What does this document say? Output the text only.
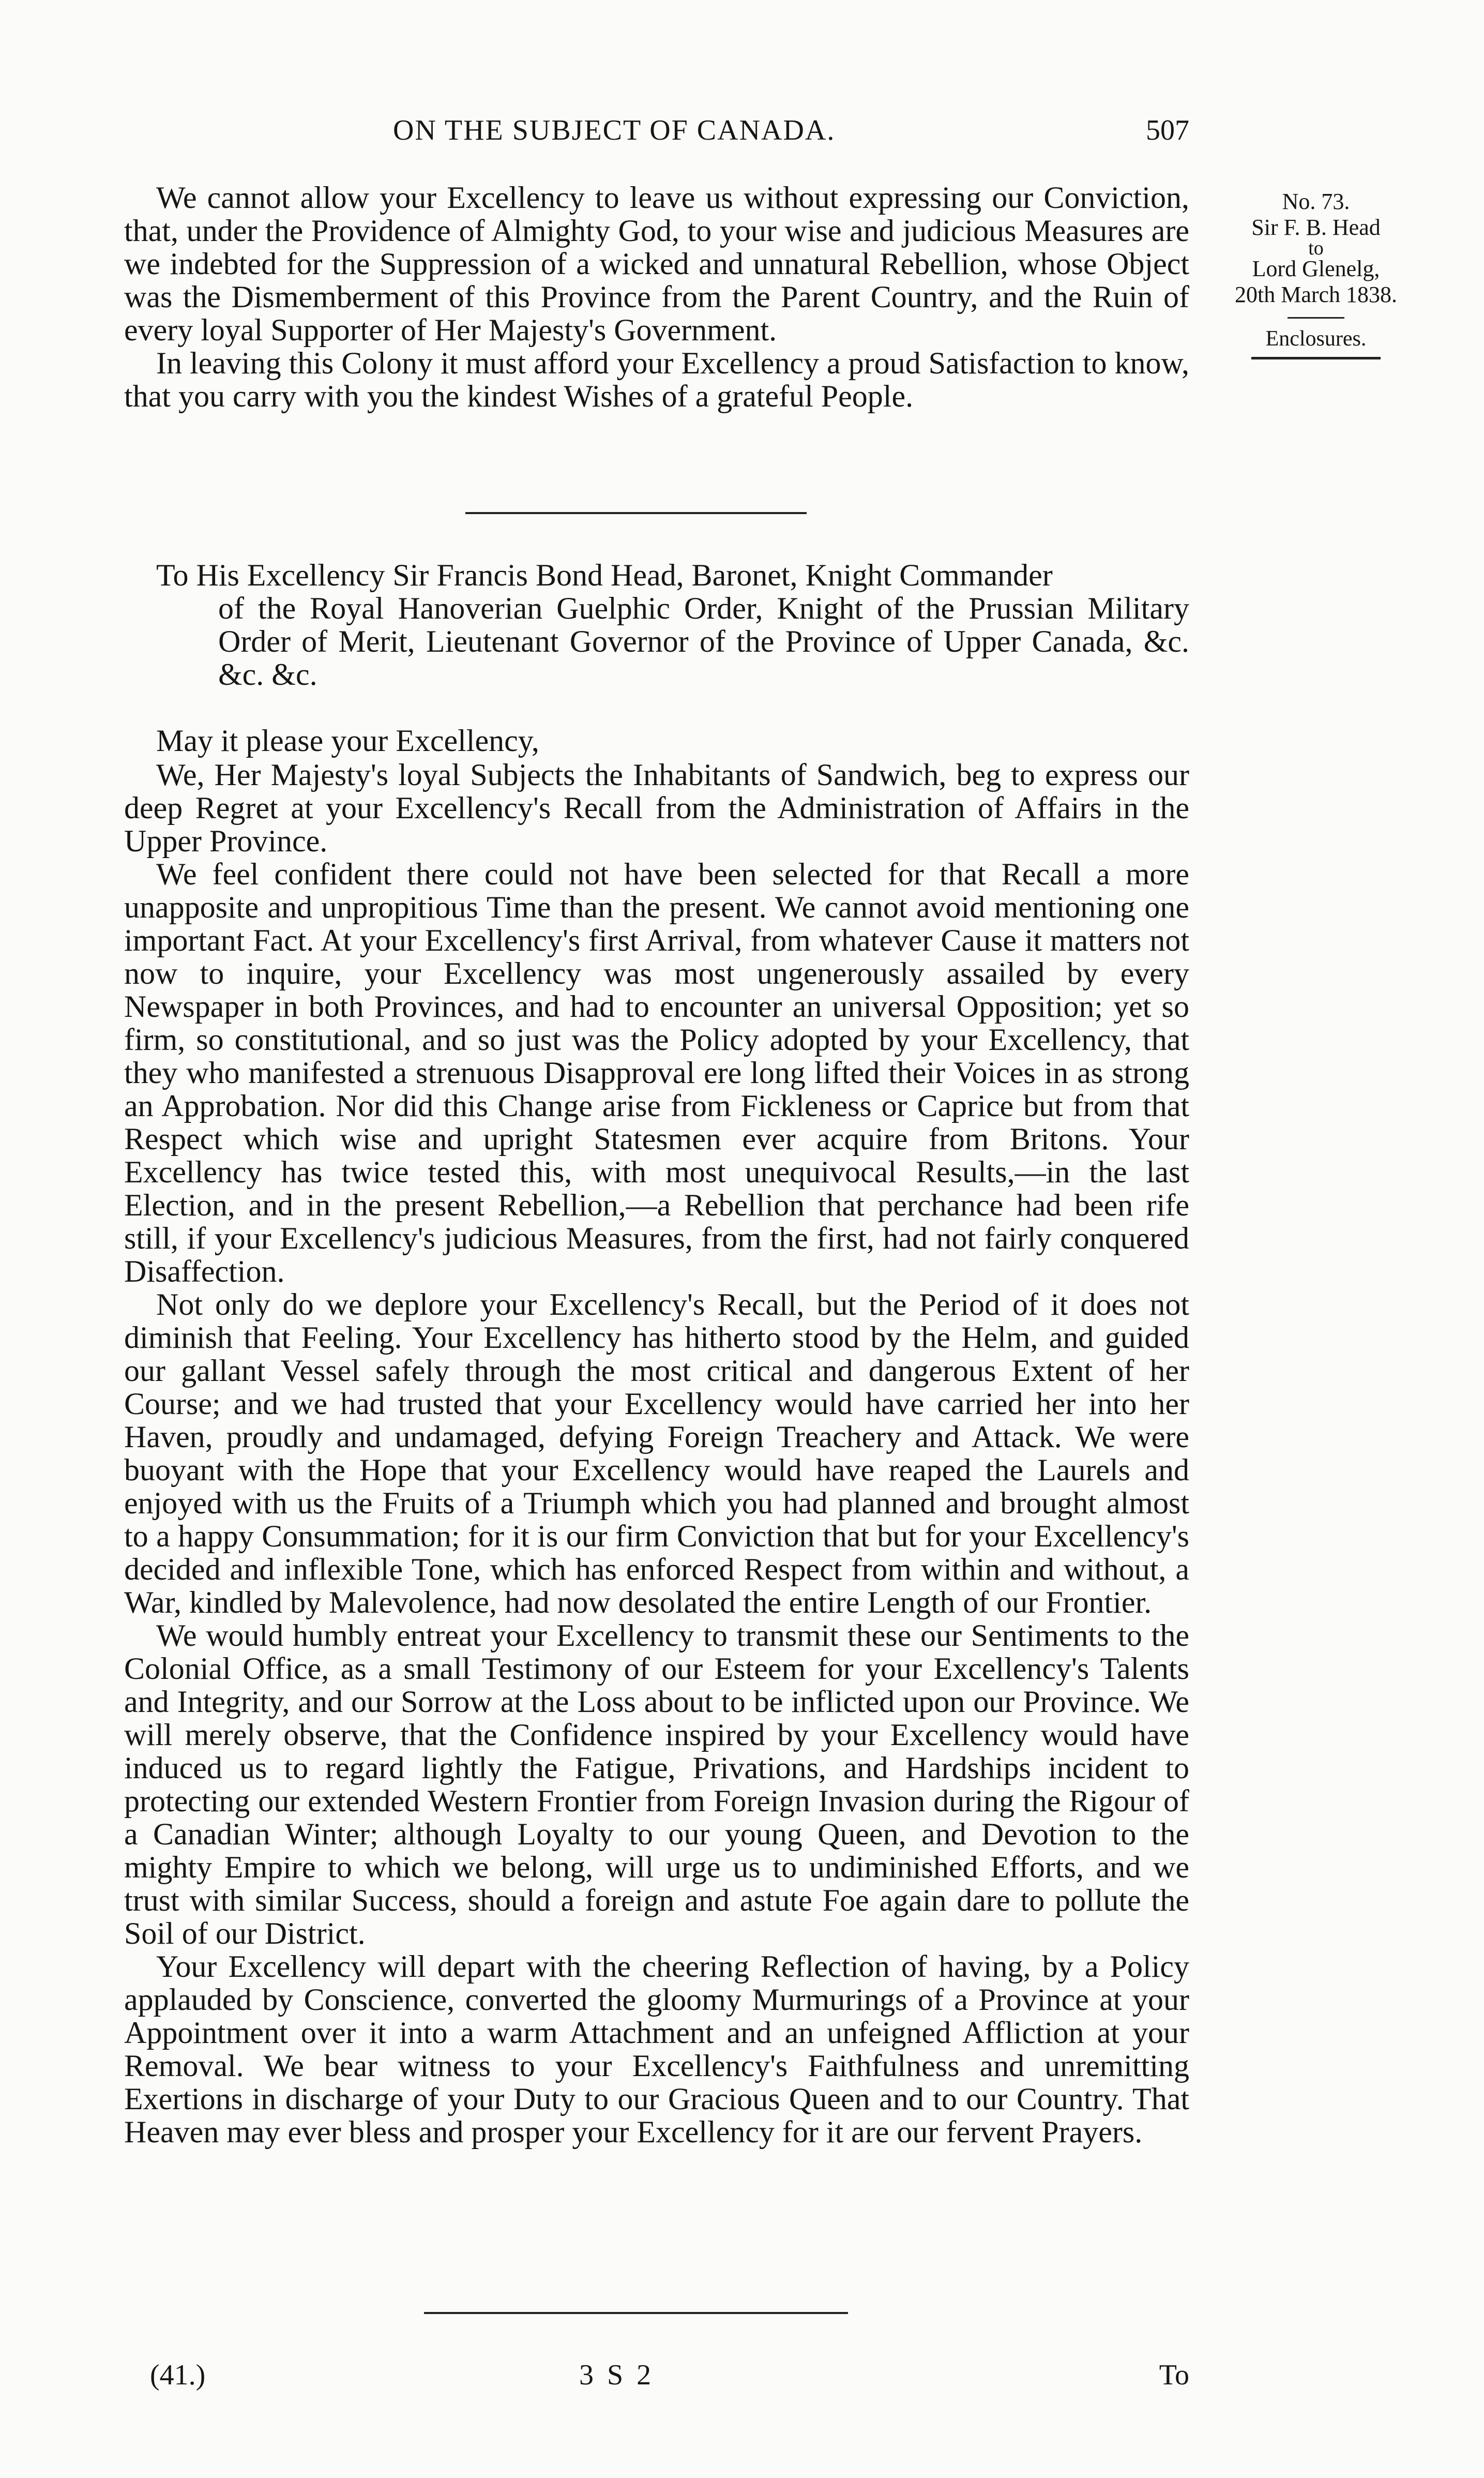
ON THE SUBJECT OF CANADA.	507
No. 73.
Sir F. B. Head
to
Lord Glenelg,
20th March 1838.
Enclosures.

We cannot allow your Excellency to leave us without expressing our Conviction, that, under the Providence of Almighty God, to your wise and judicious Measures are we indebted for the Suppression of a wicked and unnatural Rebellion, whose Object was the Dismemberment of this Province from the Parent Country, and the Ruin of every loyal Supporter of Her Majesty's Government.

In leaving this Colony it must afford your Excellency a proud Satisfaction to know, that you carry with you the kindest Wishes of a grateful People.

To His Excellency Sir Francis Bond Head, Baronet, Knight Commander
of the Royal Hanoverian Guelphic Order, Knight of the Prussian Military Order of Merit, Lieutenant Governor of the Province of Upper Canada, &c. &c. &c.

May it please your Excellency,

We, Her Majesty's loyal Subjects the Inhabitants of Sandwich, beg to express our deep Regret at your Excellency's Recall from the Administration of Affairs in the Upper Province.

We feel confident there could not have been selected for that Recall a more unapposite and unpropitious Time than the present. We cannot avoid mentioning one important Fact. At your Excellency's first Arrival, from whatever Cause it matters not now to inquire, your Excellency was most ungenerously assailed by every Newspaper in both Provinces, and had to encounter an universal Opposition; yet so firm, so constitutional, and so just was the Policy adopted by your Excellency, that they who manifested a strenuous Disapproval ere long lifted their Voices in as strong an Approbation. Nor did this Change arise from Fickleness or Caprice but from that Respect which wise and upright Statesmen ever acquire from Britons. Your Excellency has twice tested this, with most unequivocal Results,—in the last Election, and in the present Rebellion,—a Rebellion that perchance had been rife still, if your Excellency's judicious Measures, from the first, had not fairly conquered Disaffection.

Not only do we deplore your Excellency's Recall, but the Period of it does not diminish that Feeling. Your Excellency has hitherto stood by the Helm, and guided our gallant Vessel safely through the most critical and dangerous Extent of her Course; and we had trusted that your Excellency would have carried her into her Haven, proudly and undamaged, defying Foreign Treachery and Attack. We were buoyant with the Hope that your Excellency would have reaped the Laurels and enjoyed with us the Fruits of a Triumph which you had planned and brought almost to a happy Consummation; for it is our firm Conviction that but for your Excellency's decided and inflexible Tone, which has enforced Respect from within and without, a War, kindled by Malevolence, had now desolated the entire Length of our Frontier.

We would humbly entreat your Excellency to transmit these our Sentiments to the Colonial Office, as a small Testimony of our Esteem for your Excellency's Talents and Integrity, and our Sorrow at the Loss about to be inflicted upon our Province. We will merely observe, that the Confidence inspired by your Excellency would have induced us to regard lightly the Fatigue, Privations, and Hardships incident to protecting our extended Western Frontier from Foreign Invasion during the Rigour of a Canadian Winter; although Loyalty to our young Queen, and Devotion to the mighty Empire to which we belong, will urge us to undiminished Efforts, and we trust with similar Success, should a foreign and astute Foe again dare to pollute the Soil of our District.

Your Excellency will depart with the cheering Reflection of having, by a Policy applauded by Conscience, converted the gloomy Murmurings of a Province at your Appointment over it into a warm Attachment and an unfeigned Affliction at your Removal. We bear witness to your Excellency's Faithfulness and unremitting Exertions in discharge of your Duty to our Gracious Queen and to our Country. That Heaven may ever bless and prosper your Excellency for it are our fervent Prayers.

(41.)	3 S 2	To
